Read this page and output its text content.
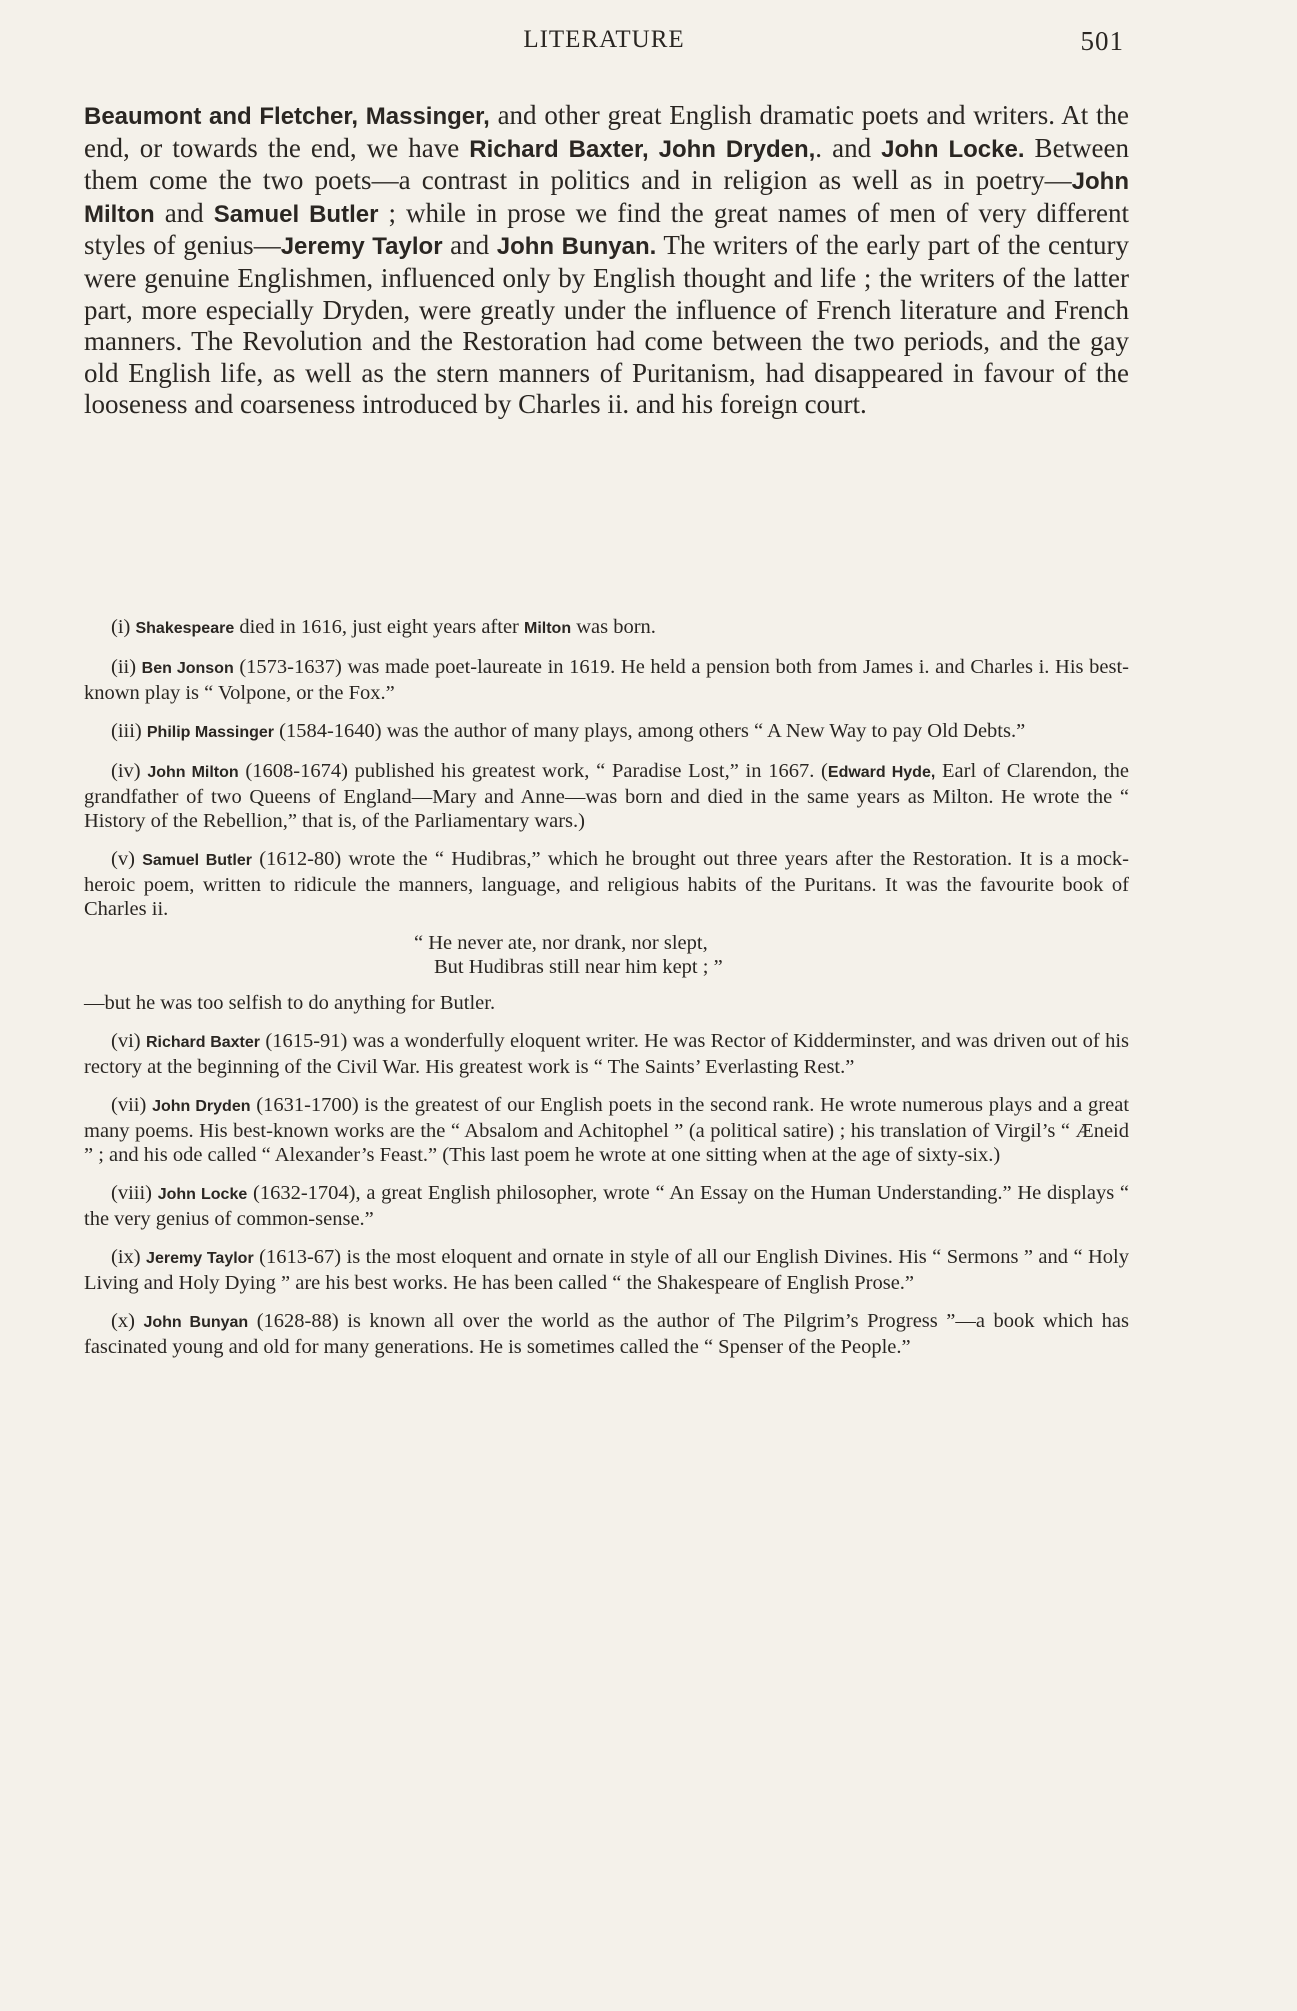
LITERATURE	501

Beaumont and Fletcher, Massinger, and other great English dramatic poets and writers. At the end, or towards the end, we have Richard Baxter, John Dryden,. and John Locke. Between them come the two poets—a contrast in politics and in religion as well as in poetry—John Milton and Samuel Butler ; while in prose we find the great names of men of very different styles of genius—Jeremy Taylor and John Bunyan. The writers of the early part of the century were genuine Englishmen, influenced only by English thought and life ; the writers of the latter part, more especially Dryden, were greatly under the influence of French literature and French manners. The Revolution and the Restoration had come between the two periods, and the gay old English life, as well as the stern manners of Puritanism, had disappeared in favour of the looseness and coarseness introduced by Charles ii. and his foreign court.

(i) Shakespeare died in 1616, just eight years after Milton was born.

(ii) Ben Jonson (1573-1637) was made poet-laureate in 1619. He held a pension both from James i. and Charles i. His best-known play is “ Volpone, or the Fox.”

(iii) Philip Massinger (1584-1640) was the author of many plays, among others “ A New Way to pay Old Debts.”

(iv) John Milton (1608-1674) published his greatest work, “ Paradise Lost,” in 1667. (Edward Hyde, Earl of Clarendon, the grandfather of two Queens of England—Mary and Anne—was born and died in the same years as Milton. He wrote the “ History of the Rebellion,” that is, of the Parliamentary wars.)

(v) Samuel Butler (1612-80) wrote the “ Hudibras,” which he brought out three years after the Restoration. It is a mock-heroic poem, written to ridicule the manners, language, and religious habits of the Puritans. It was the favourite book of Charles ii.

“ He never ate, nor drank, nor slept,
But Hudibras still near him kept ; ”

—but he was too selfish to do anything for Butler.

(vi) Richard Baxter (1615-91) was a wonderfully eloquent writer. He was Rector of Kidderminster, and was driven out of his rectory at the beginning of the Civil War. His greatest work is “ The Saints’ Everlasting Rest.”

(vii) John Dryden (1631-1700) is the greatest of our English poets in the second rank. He wrote numerous plays and a great many poems. His best-known works are the “ Absalom and Achitophel ” (a political satire) ; his translation of Virgil’s “ Æneid ” ; and his ode called “ Alexander’s Feast.” (This last poem he wrote at one sitting when at the age of sixty-six.)

(viii) John Locke (1632-1704), a great English philosopher, wrote “ An Essay on the Human Understanding.” He displays “ the very genius of common-sense.”

(ix) Jeremy Taylor (1613-67) is the most eloquent and ornate in style of all our English Divines. His “ Sermons ” and “ Holy Living and Holy Dying ” are his best works. He has been called “ the Shakespeare of English Prose.”

(x) John Bunyan (1628-88) is known all over the world as the author of The Pilgrim’s Progress ”—a book which has fascinated young and old for many generations. He is sometimes called the “ Spenser of the People.”
